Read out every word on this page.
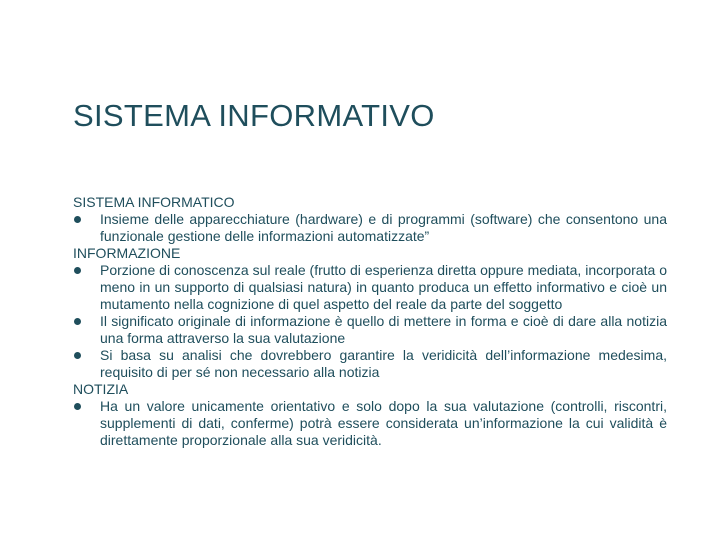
SISTEMA INFORMATIVO
SISTEMA INFORMATICO
Insieme delle apparecchiature (hardware) e di programmi (software) che consentono una funzionale gestione delle informazioni automatizzate”
INFORMAZIONE
Porzione di conoscenza sul reale (frutto di esperienza diretta oppure mediata, incorporata o meno in un supporto di qualsiasi natura) in quanto produca un effetto informativo e cioè un mutamento nella cognizione di quel aspetto del reale da parte del soggetto
Il significato originale di informazione è quello di mettere in forma e cioè di dare alla notizia una forma attraverso la sua valutazione
Si basa su analisi che dovrebbero garantire la veridicità dell’informazione medesima, requisito di per sé non necessario alla notizia
NOTIZIA
Ha un valore unicamente orientativo e solo dopo la sua valutazione (controlli, riscontri, supplementi di dati, conferme) potrà essere considerata un’informazione la cui validità è direttamente proporzionale alla sua veridicità.
